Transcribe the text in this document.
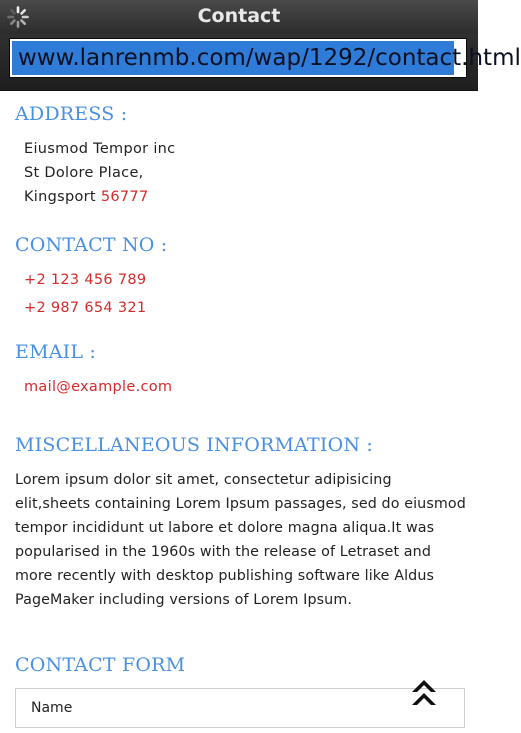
Contact
www.lanrenmb.com/wap/1292/contact.html
ADDRESS :
Eiusmod Tempor inc
St Dolore Place,
Kingsport 56777
CONTACT NO :
+2 123 456 789
+2 987 654 321
EMAIL :
mail@example.com
MISCELLANEOUS INFORMATION :
Lorem ipsum dolor sit amet, consectetur adipisicing elit,sheets containing Lorem Ipsum passages, sed do eiusmod tempor incididunt ut labore et dolore magna aliqua.It was popularised in the 1960s with the release of Letraset and more recently with desktop publishing software like Aldus PageMaker including versions of Lorem Ipsum.
CONTACT FORM
Name
